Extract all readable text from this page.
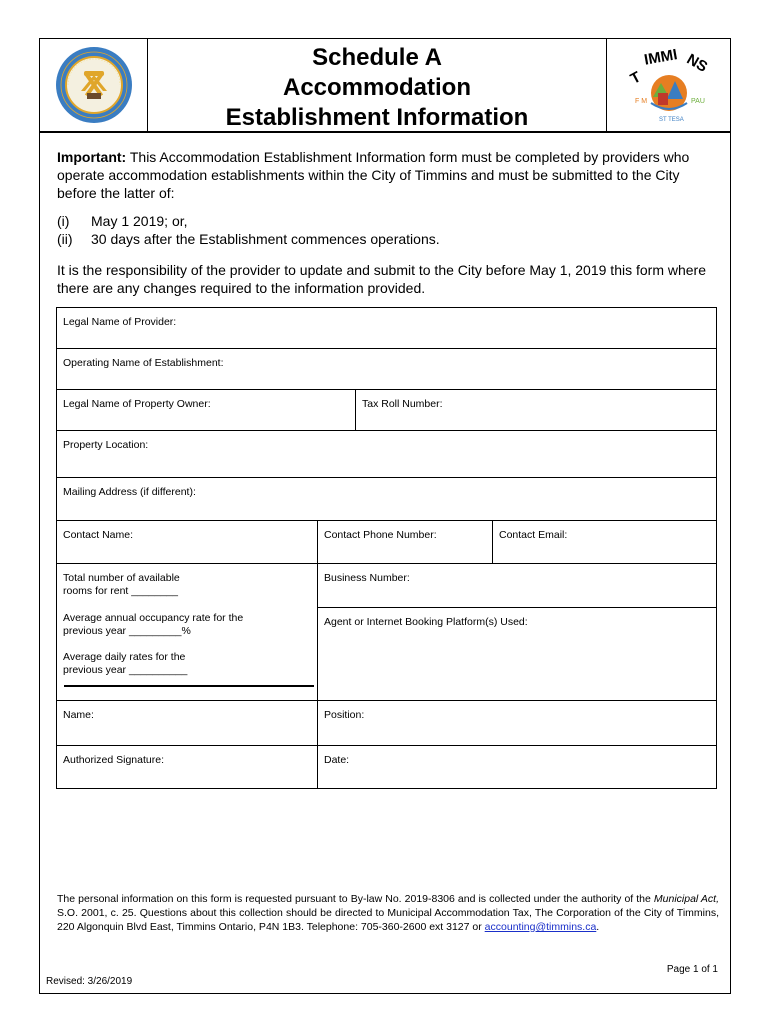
Schedule A
Accommodation
Establishment Information
T
IMMI NS
F M	PAU
ST TESA

Important: This Accommodation Establishment Information form must be completed by providers who operate accommodation establishments within the City of Timmins and must be submitted to the City before the latter of:

(i)	May 1 2019; or,
(ii)	30 days after the Establishment commences operations.
It is the responsibility of the provider to update and submit to the City before May 1, 2019 this form where there are any changes required to the information provided.
Legal Name of Provider:
Operating Name of Establishment:
Legal Name of Property Owner:	Tax Roll Number:
Property Location:
Mailing Address (if different):
Contact Name:	Contact Phone Number:	Contact Email:
Total number of available
rooms for rent ________
Average annual occupancy rate for the
previous year _________%
Average daily rates for the
previous year __________
Business Number:
Agent or Internet Booking Platform(s) Used:
Name:	Position:
Authorized Signature:	Date:
The personal information on this form is requested pursuant to By-law No. 2019-8306 and is collected under the authority of the Municipal Act, S.O. 2001, c. 25. Questions about this collection should be directed to Municipal Accommodation Tax, The Corporation of the City of Timmins, 220 Algonquin Blvd East, Timmins Ontario, P4N 1B3. Telephone: 705-360-2600 ext 3127 or accounting@timmins.ca.
Page 1 of 1
Revised: 3/26/2019
